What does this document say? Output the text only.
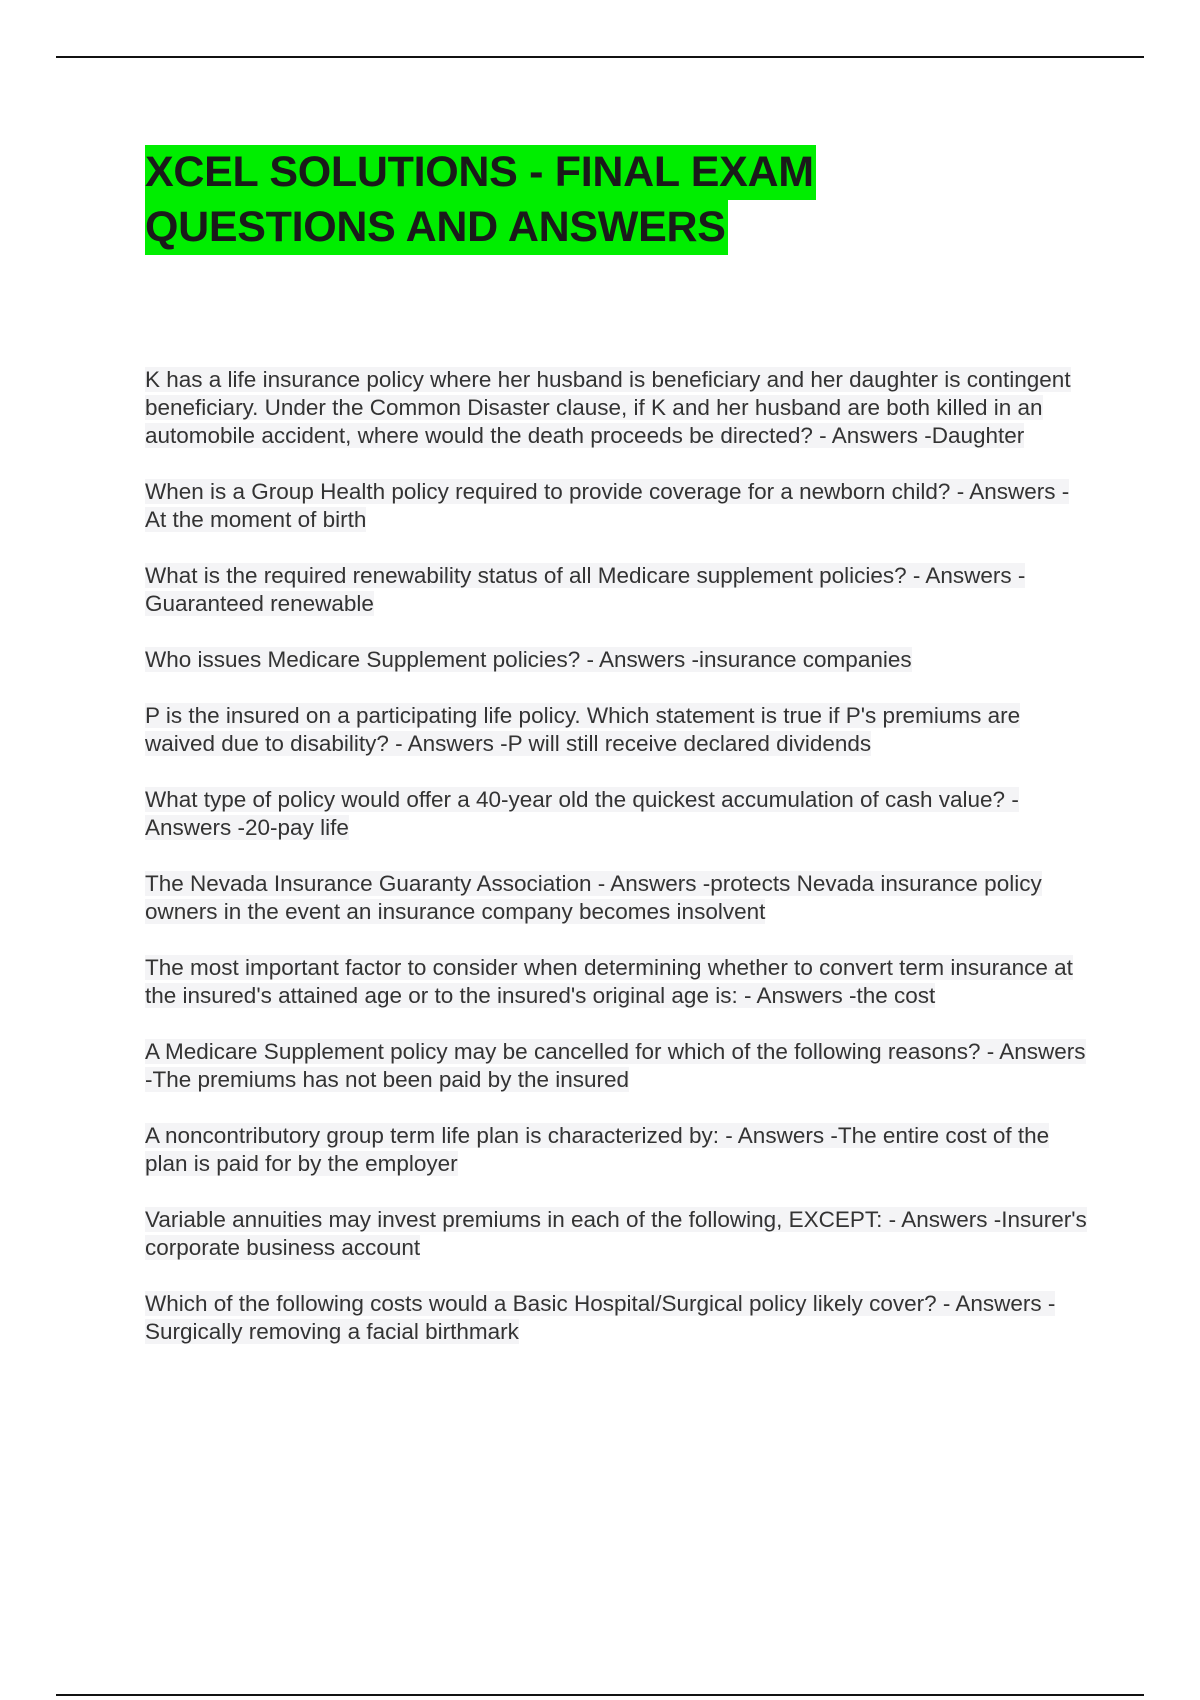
XCEL SOLUTIONS - FINAL EXAM
QUESTIONS AND ANSWERS
K has a life insurance policy where her husband is beneficiary and her daughter is contingent beneficiary. Under the Common Disaster clause, if K and her husband are both killed in an automobile accident, where would the death proceeds be directed? - Answers -Daughter
When is a Group Health policy required to provide coverage for a newborn child? - Answers -At the moment of birth
What is the required renewability status of all Medicare supplement policies? - Answers -Guaranteed renewable
Who issues Medicare Supplement policies? - Answers -insurance companies
P is the insured on a participating life policy. Which statement is true if P's premiums are waived due to disability? - Answers -P will still receive declared dividends
What type of policy would offer a 40-year old the quickest accumulation of cash value? - Answers -20-pay life
The Nevada Insurance Guaranty Association - Answers -protects Nevada insurance policy owners in the event an insurance company becomes insolvent
The most important factor to consider when determining whether to convert term insurance at the insured's attained age or to the insured's original age is: - Answers -the cost
A Medicare Supplement policy may be cancelled for which of the following reasons? - Answers -The premiums has not been paid by the insured
A noncontributory group term life plan is characterized by: - Answers -The entire cost of the plan is paid for by the employer
Variable annuities may invest premiums in each of the following, EXCEPT: - Answers -Insurer's corporate business account
Which of the following costs would a Basic Hospital/Surgical policy likely cover? - Answers -Surgically removing a facial birthmark
